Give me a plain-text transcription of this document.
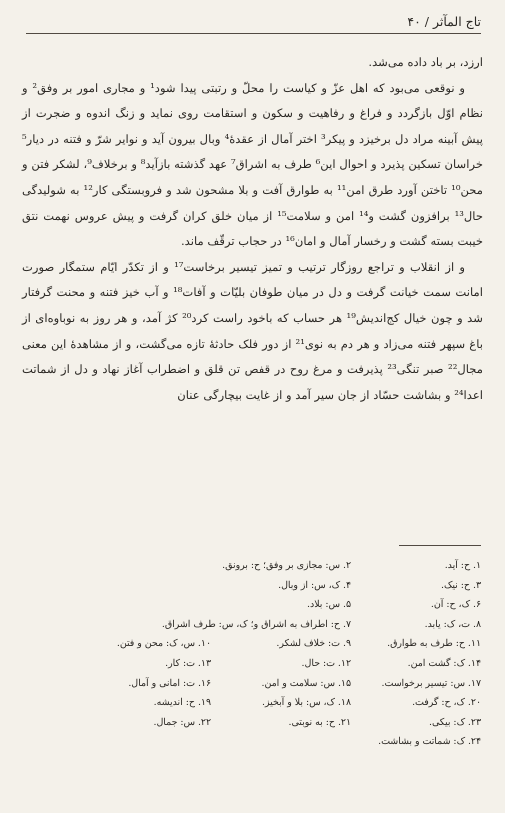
تاج المآثر / ۴۰

ارزد، بر باد داده می‌شد.

و نوقعی می‌بود که اهل عزّ و کیاست را محلّ و رتبتی پیدا شود¹ و مجاری امور بر وفق² و نظام اوّل بازگردد و فراغ و رفاهیت و سکون و استقامت روی نماید و زنگ اندوه و ضجرت از پیش آبینه مراد دل برخیزد و پیکر³ اختر آمال از عقدهٔ⁴ وبال بیرون آید و نوایر شرّ و فتنه در دیار⁵ خراسان تسکین پذیرد و احوال این⁶ طرف به اشراق⁷ عهد گذشته بازآید⁸ و برخلاف⁹، لشکر فتن و محن¹⁰ تاختن آورد طرق امن¹¹ به طوارق آفت و بلا مشحون شد و فروبستگی کار¹² به شولیدگی حال¹³ برافزون گشت و¹⁴ امن و سلامت¹⁵ از میان خلق کران گرفت و پیش عروس نهمت نتق خیبت بسته گشت و رخسار آمال و امان¹⁶ در حجاب ترقّف ماند.

و از انقلاب و تراجع روزگار ترتیب و تمیز تیسیر برخاست¹⁷ و از تکدّر ایّام ستمگار صورت امانت سمت خیانت گرفت و دل در میان طوفان بلیّات و آفات¹⁸ و آب خیز فتنه و محنت گرفتار شد و چون خیال کج‌اندیش¹⁹ هر حساب که باخود راست کرد²⁰ کژ آمد، و هر روز به نوباوه‌ای از باغ سپهر فتنه می‌زاد و هر دم به نوی²¹ از دور فلک حادثهٔ تازه می‌گشت، و از مشاهدهٔ این معنی مجال²² صبر تنگی²³ پذیرفت و مرغ روح در قفص تن قلق و اضطراب آغاز نهاد و دل از شماتت اعدا²⁴ و بشاشت حسّاد از جان سیر آمد و از غایت بیچارگی عنان

۱. ح: آید.
۲. س: مجازی بر وفق؛ ح: برونق.
۳. ح: نیک.
۴. ک، س: از وبال.
۶. ک، ح: آن.
۵. س: بلاد.
۸. ت، ک: یابد.
۷. ح: اطراف به اشراق و؛ ک، س: طرف اشراق.
۱۱. ح: طرف به طوارق.
۹. ت: خلاف لشکر.
۱۰. س، ک: محن و فتن.
۱۴. ک: گشت امن.
۱۲. ت: حال.
۱۳. ت: کار.
۱۷. س: تیسیر برخواست.
۱۵. س: سلامت و امن.
۱۶. ت: امانی و آمال.
۲۰. ک، ح: گرفت.
۱۸. ک، س: بلا و آبخیز.
۱۹. ح: اندیشه.
۲۳. ک: بیکی.
۲۱. ح: به نوبتی.
۲۲. س: جمال.
۲۴. ک: شماتت و بشاشت.
